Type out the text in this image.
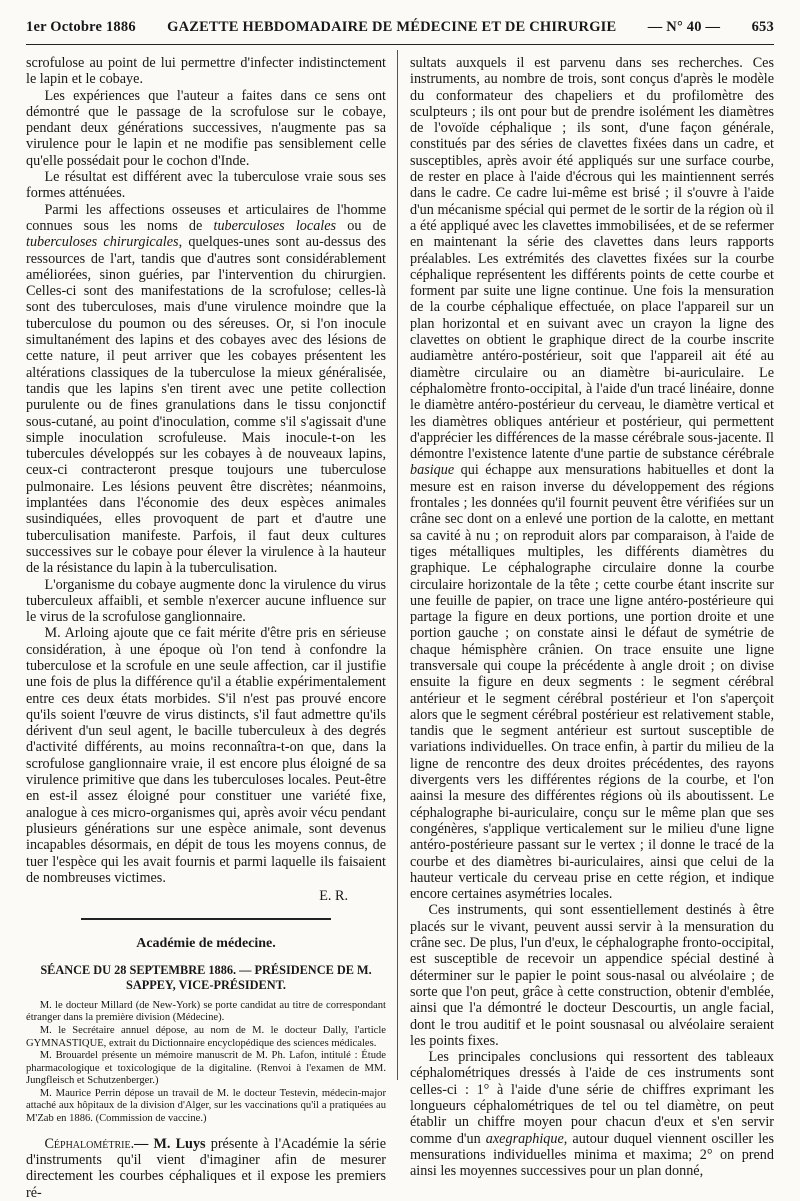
1er Octobre 1886 GAZETTE HEBDOMADAIRE DE MÉDECINE ET DE CHIRURGIE — N° 40 — 653

scrofulose au point de lui permettre d'infecter indistinctement le lapin et le cobaye.

Les expériences que l'auteur a faites dans ce sens ont démontré que le passage de la scrofulose sur le cobaye, pendant deux générations successives, n'augmente pas sa virulence pour le lapin et ne modifie pas sensiblement celle qu'elle possédait pour le cochon d'Inde.

Le résultat est différent avec la tuberculose vraie sous ses formes atténuées.

Parmi les affections osseuses et articulaires de l'homme connues sous les noms de tuberculoses locales ou de tuberculoses chirurgicales, quelques-unes sont au-dessus des ressources de l'art, tandis que d'autres sont considérablement améliorées, sinon guéries, par l'intervention du chirurgien. Celles-ci sont des manifestations de la scrofulose; celles-là sont des tuberculoses, mais d'une virulence moindre que la tuberculose du poumon ou des séreuses. Or, si l'on inocule simultanément des lapins et des cobayes avec des lésions de cette nature, il peut arriver que les cobayes présentent les altérations classiques de la tuberculose la mieux généralisée, tandis que les lapins s'en tirent avec une petite collection purulente ou de fines granulations dans le tissu conjonctif sous-cutané, au point d'inoculation, comme s'il s'agissait d'une simple inoculation scrofuleuse. Mais inocule-t-on les tubercules développés sur les cobayes à de nouveaux lapins, ceux-ci contracteront presque toujours une tuberculose pulmonaire. Les lésions peuvent être discrètes; néanmoins, implantées dans l'économie des deux espèces animales susindiquées, elles provoquent de part et d'autre une tuberculisation manifeste. Parfois, il faut deux cultures successives sur le cobaye pour élever la virulence à la hauteur de la résistance du lapin à la tuberculisation.

L'organisme du cobaye augmente donc la virulence du virus tuberculeux affaibli, et semble n'exercer aucune influence sur le virus de la scrofulose ganglionnaire.

M. Arloing ajoute que ce fait mérite d'être pris en sérieuse considération, à une époque où l'on tend à confondre la tuberculose et la scrofule en une seule affection, car il justifie une fois de plus la différence qu'il a établie expérimentalement entre ces deux états morbides. S'il n'est pas prouvé encore qu'ils soient l'œuvre de virus distincts, s'il faut admettre qu'ils dérivent d'un seul agent, le bacille tuberculeux à des degrés d'activité différents, au moins reconnaîtra-t-on que, dans la scrofulose ganglionnaire vraie, il est encore plus éloigné de sa virulence primitive que dans les tuberculoses locales. Peut-être en est-il assez éloigné pour constituer une variété fixe, analogue à ces micro-organismes qui, après avoir vécu pendant plusieurs générations sur une espèce animale, sont devenus incapables désormais, en dépit de tous les moyens connus, de tuer l'espèce qui les avait fournis et parmi laquelle ils faisaient de nombreuses victimes.

E. R.
Académie de médecine.
SÉANCE DU 28 SEPTEMBRE 1886. — PRÉSIDENCE DE M. SAPPEY, VICE-PRÉSIDENT.

M. le docteur Millard (de New-York) se porte candidat au titre de correspondant étranger dans la première division (Médecine).

M. le Secrétaire annuel dépose, au nom de M. le docteur Dally, l'article GYMNASTIQUE, extrait du Dictionnaire encyclopédique des sciences médicales.

M. Brouardel présente un mémoire manuscrit de M. Ph. Lafon, intitulé : Étude pharmacologique et toxicologique de la digitaline. (Renvoi à l'examen de MM. Jungfleisch et Schutzenberger.)

M. Maurice Perrin dépose un travail de M. le docteur Testevin, médecin-major attaché aux hôpitaux de la division d'Alger, sur les vaccinations qu'il a pratiquées au M'Zab en 1886. (Commission de vaccine.)

Céphalométrie.— M. Luys présente à l'Académie la série d'instruments qu'il vient d'imaginer afin de mesurer directement les courbes céphaliques et il expose les premiers ré-

sultats auxquels il est parvenu dans ses recherches. Ces instruments, au nombre de trois, sont conçus d'après le modèle du conformateur des chapeliers et du profilomètre des sculpteurs ; ils ont pour but de prendre isolément les diamètres de l'ovoïde céphalique ; ils sont, d'une façon générale, constitués par des séries de clavettes fixées dans un cadre, et susceptibles, après avoir été appliqués sur une surface courbe, de rester en place à l'aide d'écrous qui les maintiennent serrés dans le cadre. Ce cadre lui-même est brisé ; il s'ouvre à l'aide d'un mécanisme spécial qui permet de le sortir de la région où il a été appliqué avec les clavettes immobilisées, et de se refermer en maintenant la série des clavettes dans leurs rapports préalables. Les extrémités des clavettes fixées sur la courbe céphalique représentent les différents points de cette courbe et forment par suite une ligne continue. Une fois la mensuration de la courbe céphalique effectuée, on place l'appareil sur un plan horizontal et en suivant avec un crayon la ligne des clavettes on obtient le graphique direct de la courbe inscrite audiamètre antéro-postérieur, soit que l'appareil ait été au diamètre circulaire ou an diamètre bi-auriculaire. Le céphalomètre fronto-occipital, à l'aide d'un tracé linéaire, donne le diamètre antéro-postérieur du cerveau, le diamètre vertical et les diamètres obliques antérieur et postérieur, qui permettent d'apprécier les différences de la masse cérébrale sous-jacente. Il démontre l'existence latente d'une partie de substance cérébrale basique qui échappe aux mensurations habituelles et dont la mesure est en raison inverse du développement des régions frontales ; les données qu'il fournit peuvent être vérifiées sur un crâne sec dont on a enlevé une portion de la calotte, en mettant sa cavité à nu ; on reproduit alors par comparaison, à l'aide de tiges métalliques multiples, les différents diamètres du graphique. Le céphalographe circulaire donne la courbe circulaire horizontale de la tête ; cette courbe étant inscrite sur une feuille de papier, on trace une ligne antéro-postérieure qui partage la figure en deux portions, une portion droite et une portion gauche ; on constate ainsi le défaut de symétrie de chaque hémisphère crânien. On trace ensuite une ligne transversale qui coupe la précédente à angle droit ; on divise ensuite la figure en deux segments : le segment cérébral antérieur et le segment cérébral postérieur et l'on s'aperçoit alors que le segment cérébral postérieur est relativement stable, tandis que le segment antérieur est surtout susceptible de variations individuelles. On trace enfin, à partir du milieu de la ligne de rencontre des deux droites précédentes, des rayons divergents vers les différentes régions de la courbe, et l'on aainsi la mesure des différentes régions où ils aboutissent. Le céphalographe bi-auriculaire, conçu sur le même plan que ses congénères, s'applique verticalement sur le milieu d'une ligne antéro-postérieure passant sur le vertex ; il donne le tracé de la courbe et des diamètres bi-auriculaires, ainsi que celui de la hauteur verticale du cerveau prise en cette région, et indique encore certaines asymétries locales.

Ces instruments, qui sont essentiellement destinés à être placés sur le vivant, peuvent aussi servir à la mensuration du crâne sec. De plus, l'un d'eux, le céphalographe fronto-occipital, est susceptible de recevoir un appendice spécial destiné à déterminer sur le papier le point sous-nasal ou alvéolaire ; de sorte que l'on peut, grâce à cette construction, obtenir d'emblée, ainsi que l'a démontré le docteur Descourtis, un angle facial, dont le trou auditif et le point sousnasal ou alvéolaire seraient les points fixes.

Les principales conclusions qui ressortent des tableaux céphalométriques dressés à l'aide de ces instruments sont celles-ci : 1° à l'aide d'une série de chiffres exprimant les longueurs céphalométriques de tel ou tel diamètre, on peut établir un chiffre moyen pour chacun d'eux et s'en servir comme d'un axegraphique, autour duquel viennent osciller les mensurations individuelles minima et maxima; 2° on prend ainsi les moyennes successives pour un plan donné,
